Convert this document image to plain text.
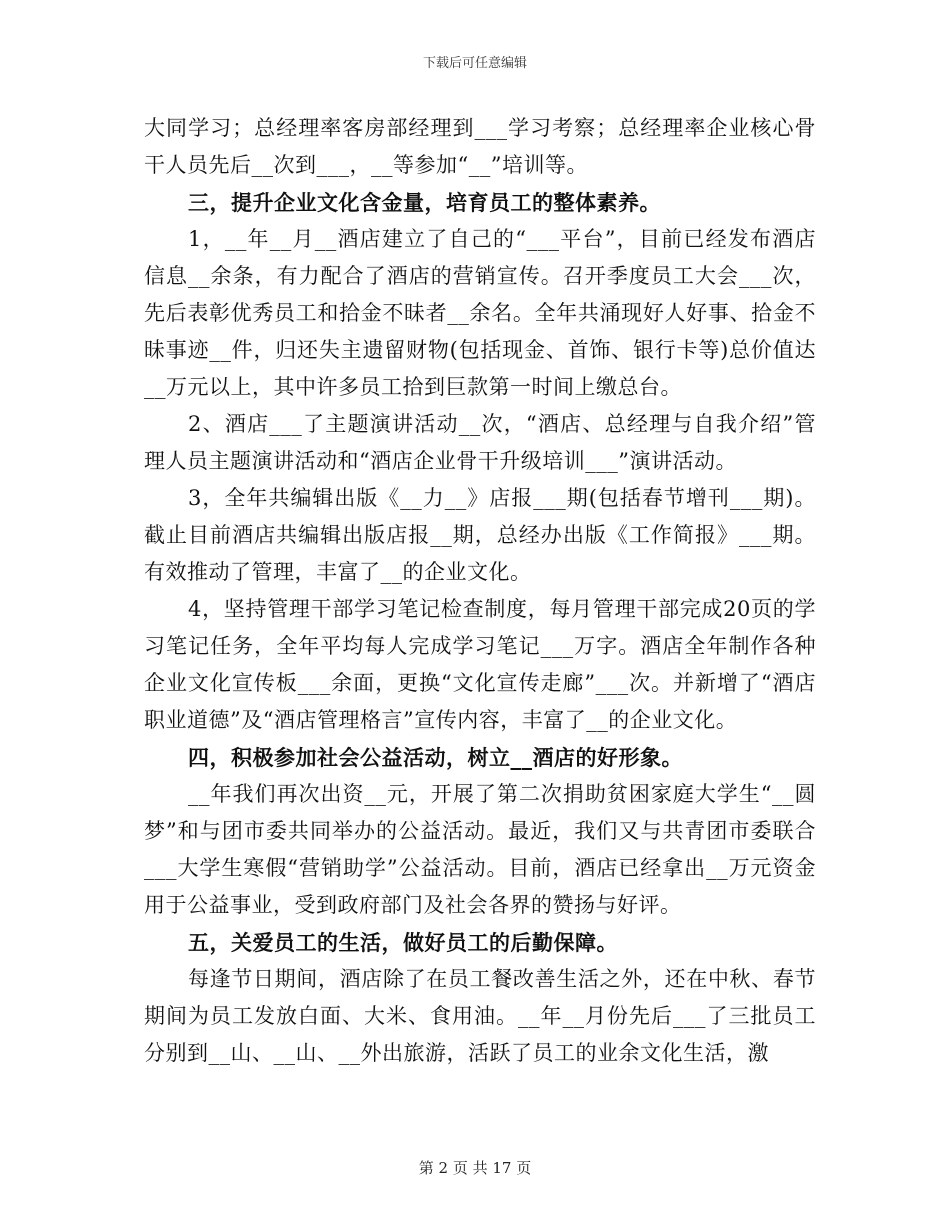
下载后可任意编辑

大同学习；总经理率客房部经理到___学习考察；总经理率企业核心骨干人员先后__次到___，__等参加“__”培训等。

三，提升企业文化含金量，培育员工的整体素养。

1，__年__月__酒店建立了自己的“___平台”，目前已经发布酒店信息__余条，有力配合了酒店的营销宣传。召开季度员工大会___次，先后表彰优秀员工和拾金不昧者__余名。全年共涌现好人好事、拾金不昧事迹__件，归还失主遗留财物(包括现金、首饰、银行卡等)总价值达__万元以上，其中许多员工拾到巨款第一时间上缴总台。

2、酒店___了主题演讲活动__次，“酒店、总经理与自我介绍”管理人员主题演讲活动和“酒店企业骨干升级培训___”演讲活动。

3，全年共编辑出版《__力__》店报___期(包括春节增刊___期)。截止目前酒店共编辑出版店报__期，总经办出版《工作简报》___期。有效推动了管理，丰富了__的企业文化。

4，坚持管理干部学习笔记检查制度，每月管理干部完成20页的学习笔记任务，全年平均每人完成学习笔记___万字。酒店全年制作各种企业文化宣传板___余面，更换“文化宣传走廊”___次。并新增了“酒店职业道德”及“酒店管理格言”宣传内容，丰富了__的企业文化。

四，积极参加社会公益活动，树立__酒店的好形象。

__年我们再次出资__元，开展了第二次捐助贫困家庭大学生“__圆梦”和与团市委共同举办的公益活动。最近，我们又与共青团市委联合___大学生寒假“营销助学”公益活动。目前，酒店已经拿出__万元资金用于公益事业，受到政府部门及社会各界的赞扬与好评。

五，关爱员工的生活，做好员工的后勤保障。

每逢节日期间，酒店除了在员工餐改善生活之外，还在中秋、春节期间为员工发放白面、大米、食用油。__年__月份先后___了三批员工分别到__山、__山、__外出旅游，活跃了员工的业余文化生活，激

第 2 页 共 17 页
